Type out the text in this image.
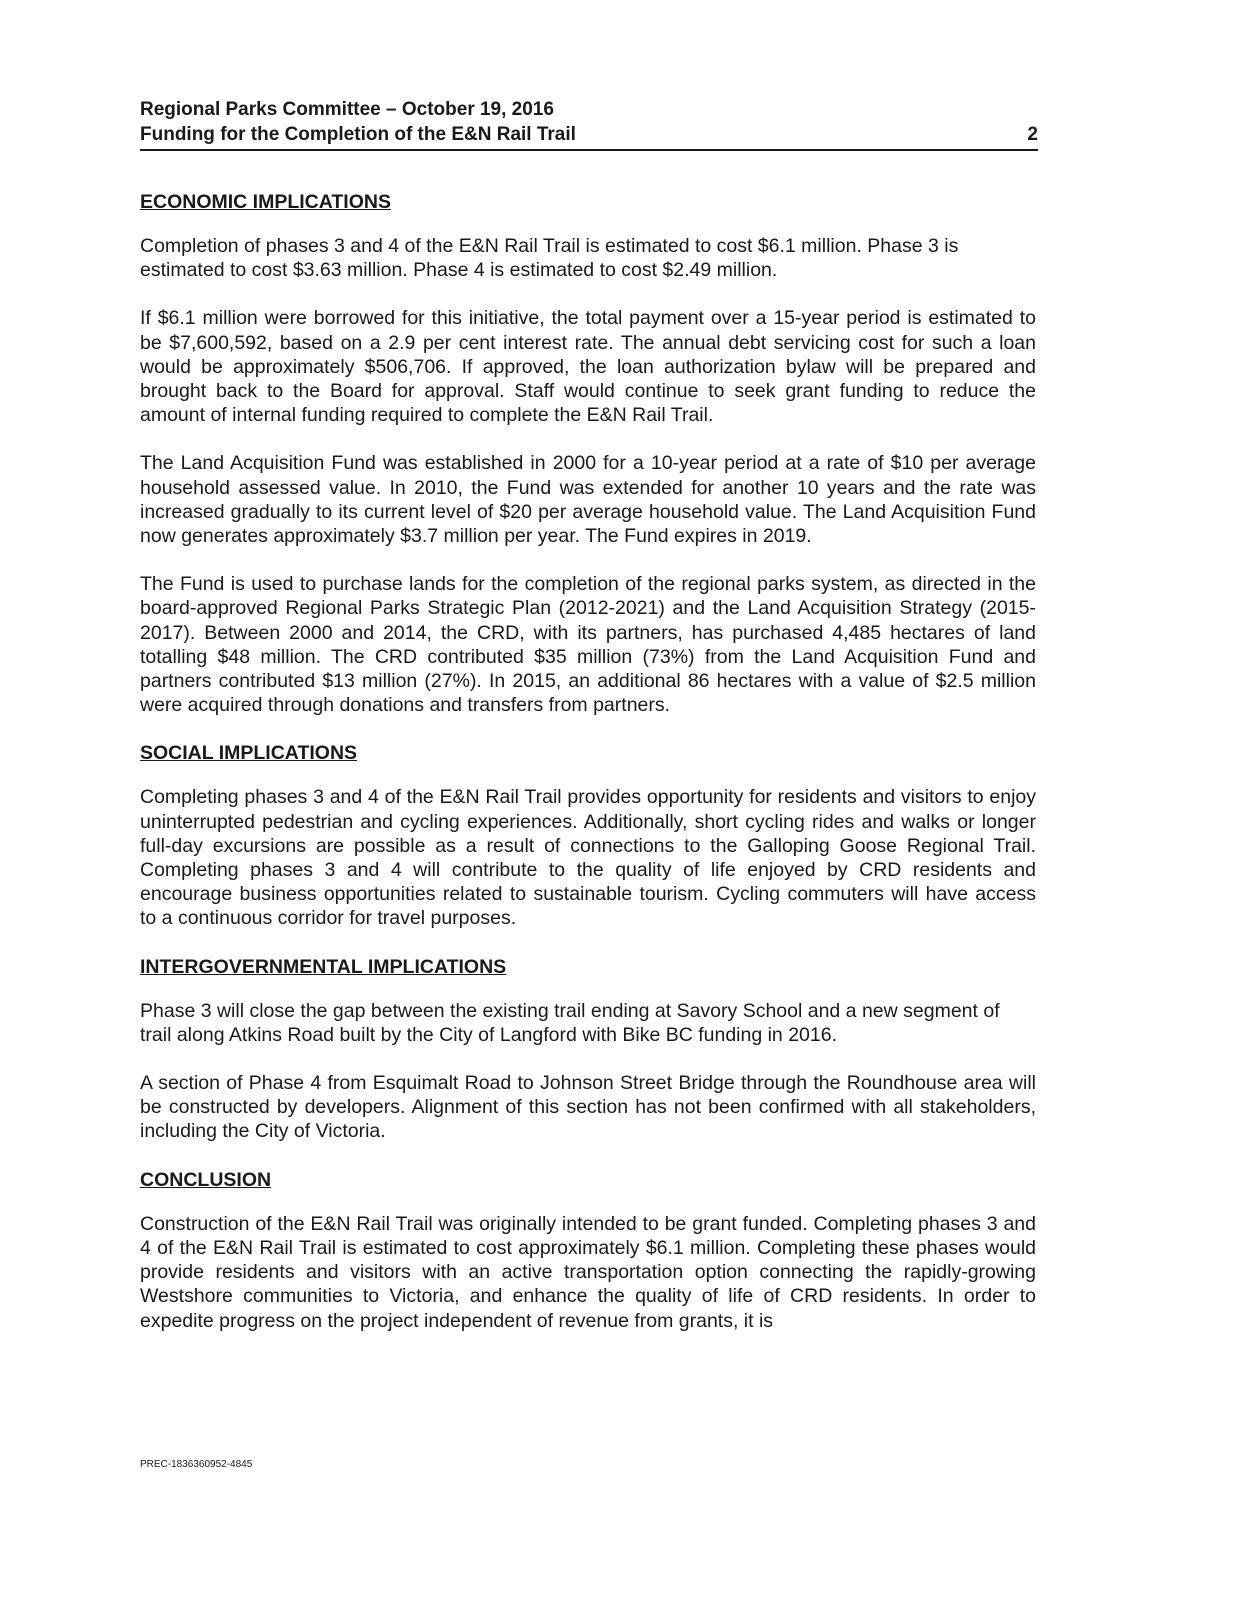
Regional Parks Committee – October 19, 2016
Funding for the Completion of the E&N Rail Trail	2
ECONOMIC IMPLICATIONS

Completion of phases 3 and 4 of the E&N Rail Trail is estimated to cost $6.1 million. Phase 3 is estimated to cost $3.63 million. Phase 4 is estimated to cost $2.49 million.

If $6.1 million were borrowed for this initiative, the total payment over a 15-year period is estimated to be $7,600,592, based on a 2.9 per cent interest rate. The annual debt servicing cost for such a loan would be approximately $506,706. If approved, the loan authorization bylaw will be prepared and brought back to the Board for approval. Staff would continue to seek grant funding to reduce the amount of internal funding required to complete the E&N Rail Trail.

The Land Acquisition Fund was established in 2000 for a 10-year period at a rate of $10 per average household assessed value. In 2010, the Fund was extended for another 10 years and the rate was increased gradually to its current level of $20 per average household value. The Land Acquisition Fund now generates approximately $3.7 million per year. The Fund expires in 2019.

The Fund is used to purchase lands for the completion of the regional parks system, as directed in the board-approved Regional Parks Strategic Plan (2012-2021) and the Land Acquisition Strategy (2015-2017). Between 2000 and 2014, the CRD, with its partners, has purchased 4,485 hectares of land totalling $48 million. The CRD contributed $35 million (73%) from the Land Acquisition Fund and partners contributed $13 million (27%). In 2015, an additional 86 hectares with a value of $2.5 million were acquired through donations and transfers from partners.

SOCIAL IMPLICATIONS

Completing phases 3 and 4 of the E&N Rail Trail provides opportunity for residents and visitors to enjoy uninterrupted pedestrian and cycling experiences. Additionally, short cycling rides and walks or longer full-day excursions are possible as a result of connections to the Galloping Goose Regional Trail. Completing phases 3 and 4 will contribute to the quality of life enjoyed by CRD residents and encourage business opportunities related to sustainable tourism. Cycling commuters will have access to a continuous corridor for travel purposes.

INTERGOVERNMENTAL IMPLICATIONS

Phase 3 will close the gap between the existing trail ending at Savory School and a new segment of trail along Atkins Road built by the City of Langford with Bike BC funding in 2016.

A section of Phase 4 from Esquimalt Road to Johnson Street Bridge through the Roundhouse area will be constructed by developers. Alignment of this section has not been confirmed with all stakeholders, including the City of Victoria.

CONCLUSION

Construction of the E&N Rail Trail was originally intended to be grant funded. Completing phases 3 and 4 of the E&N Rail Trail is estimated to cost approximately $6.1 million. Completing these phases would provide residents and visitors with an active transportation option connecting the rapidly-growing Westshore communities to Victoria, and enhance the quality of life of CRD residents. In order to expedite progress on the project independent of revenue from grants, it is

PREC-1836360952-4845
